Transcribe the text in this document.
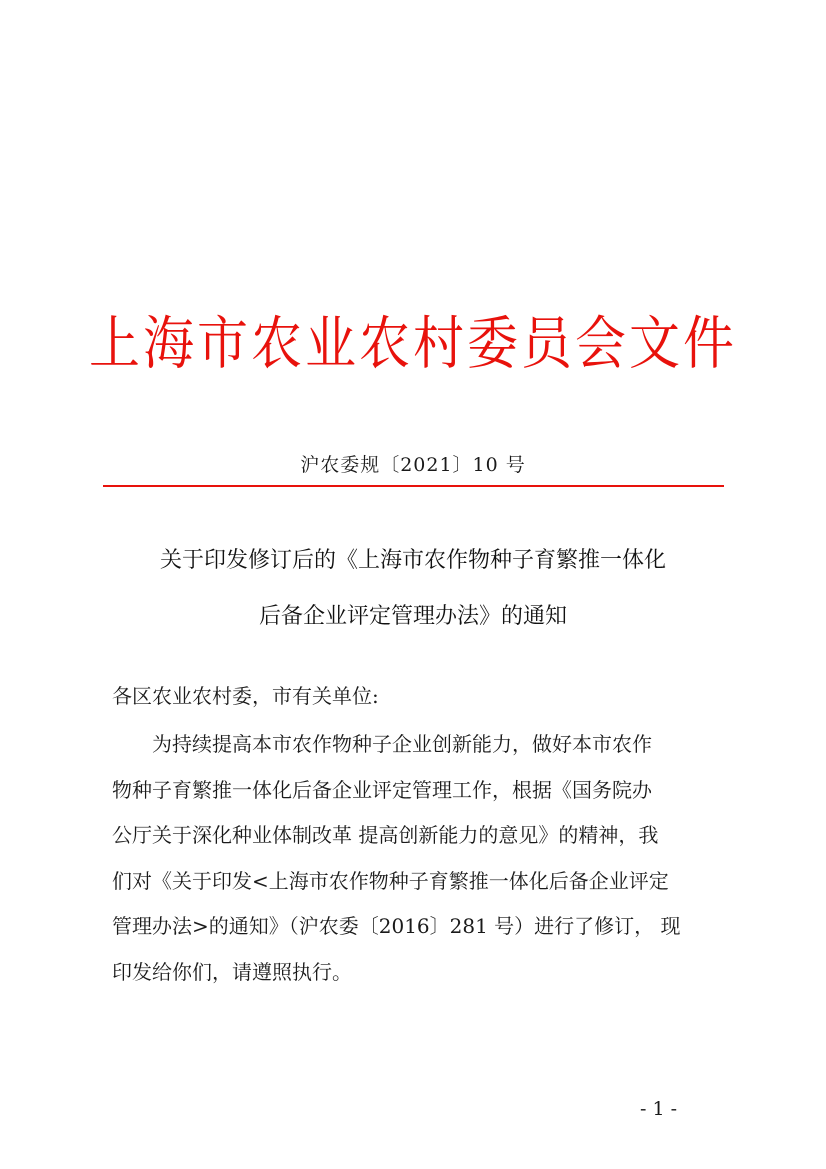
上海市农业农村委员会文件
沪农委规〔2021〕10 号
关于印发修订后的《上海市农作物种子育繁推一体化
后备企业评定管理办法》的通知
各区农业农村委，市有关单位:
为持续提高本市农作物种子企业创新能力，做好本市农作
物种子育繁推一体化后备企业评定管理工作，根据《国务院办
公厅关于深化种业体制改革 提高创新能力的意见》的精神，我
们对《关于印发<上海市农作物种子育繁推一体化后备企业评定
管理办法>的通知》（沪农委〔2016〕281 号）进行了修订， 现
印发给你们，请遵照执行。
- 1 -
